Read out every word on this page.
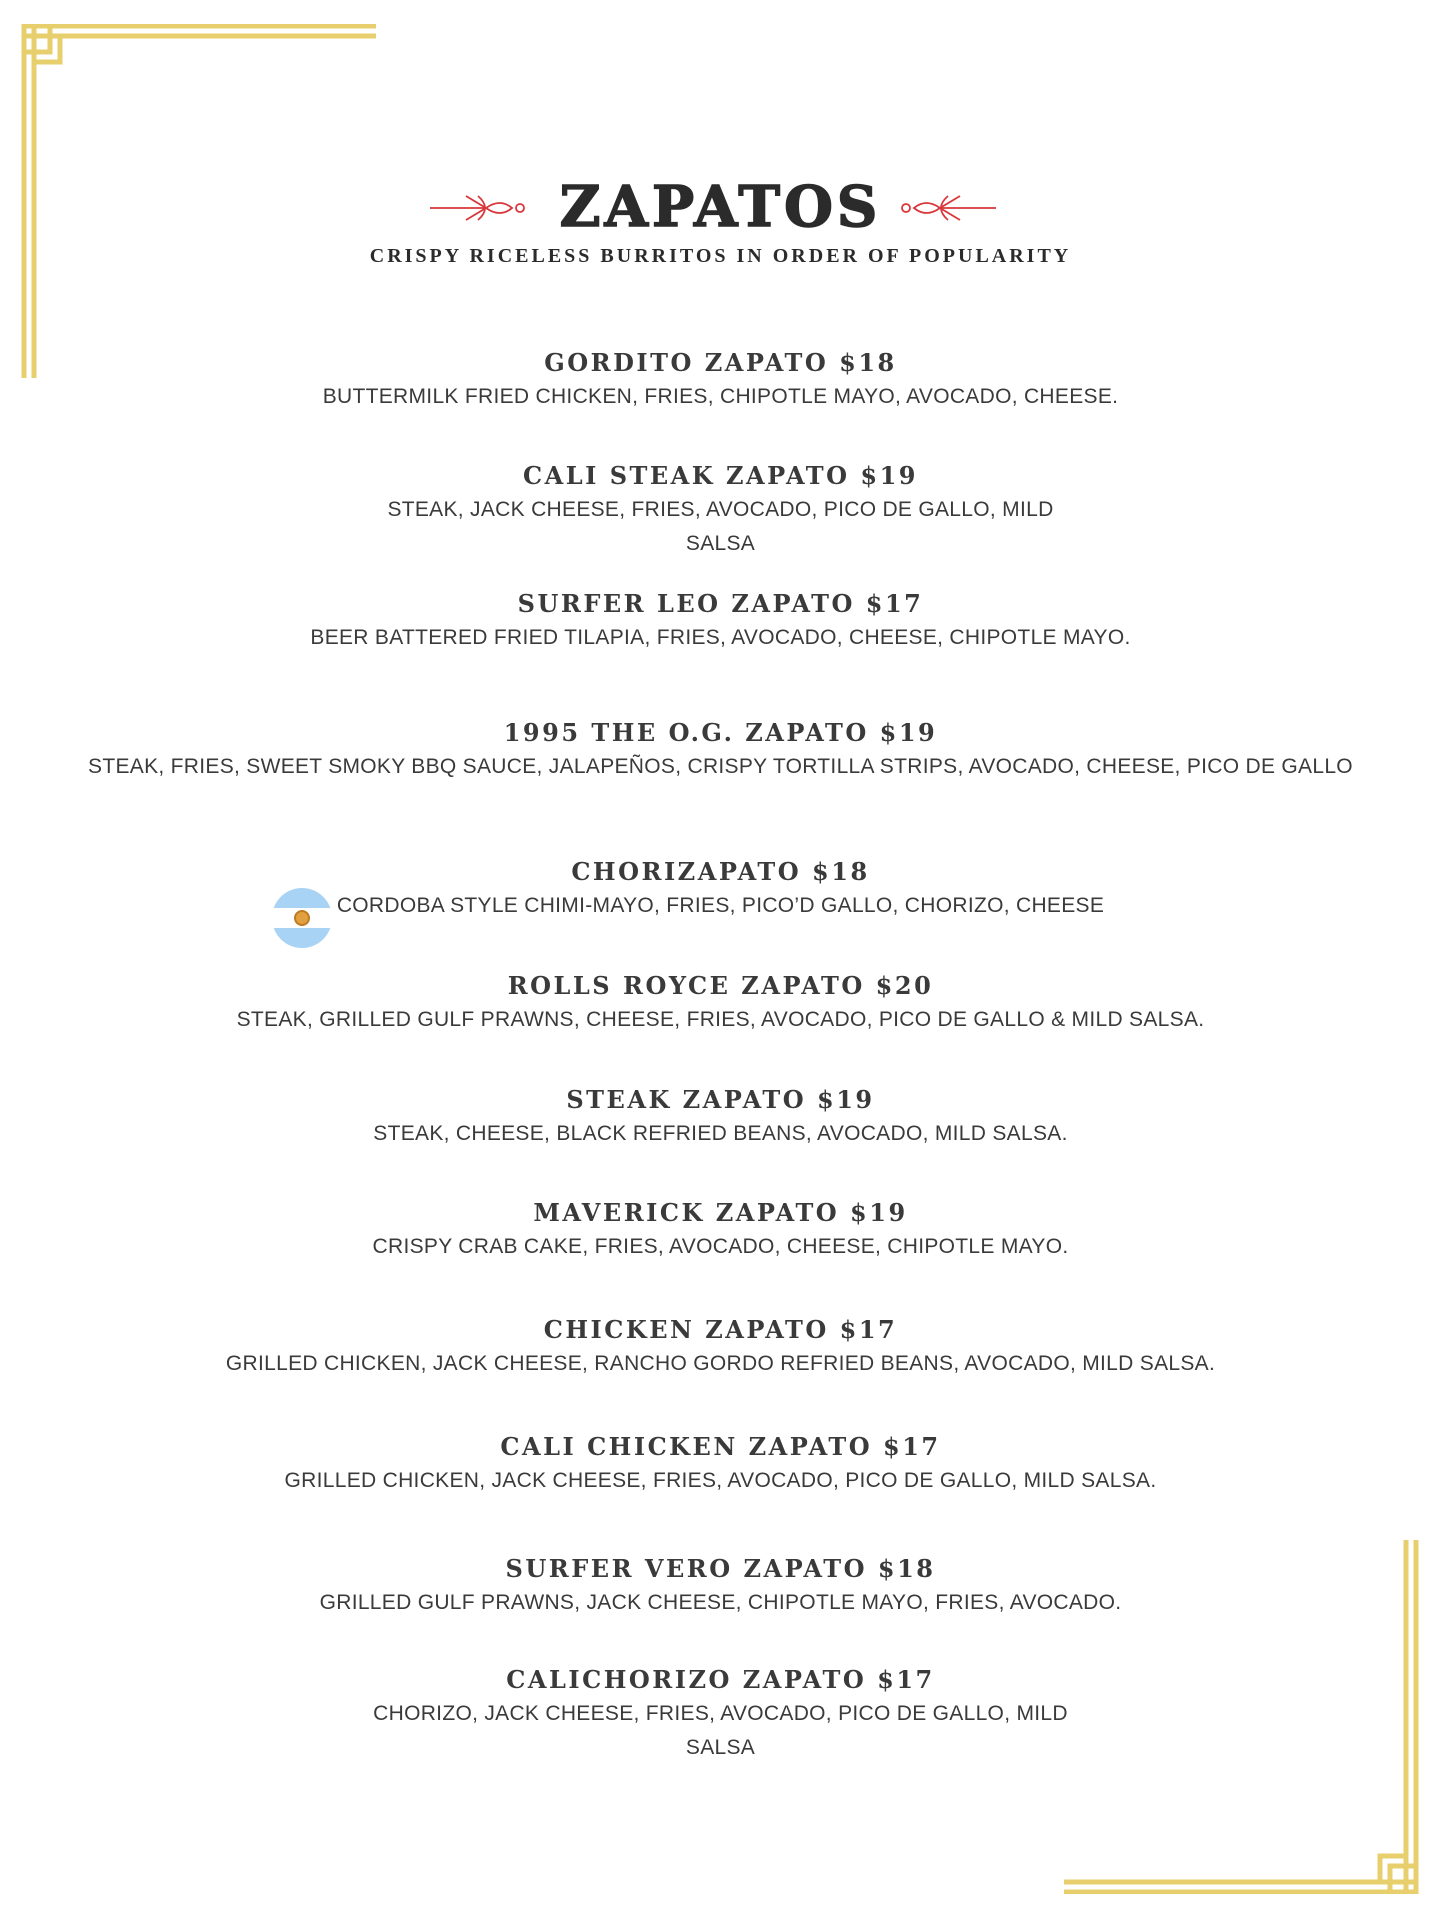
ZAPATOS
CRISPY RICELESS BURRITOS IN ORDER OF POPULARITY
GORDITO ZAPATO $18
BUTTERMILK FRIED CHICKEN, FRIES, CHIPOTLE MAYO, AVOCADO, CHEESE.
CALI STEAK ZAPATO $19
STEAK, JACK CHEESE, FRIES, AVOCADO, PICO DE GALLO, MILD SALSA
SURFER LEO ZAPATO $17
BEER BATTERED FRIED TILAPIA, FRIES, AVOCADO, CHEESE, CHIPOTLE MAYO.
1995 THE O.G. ZAPATO $19
STEAK, FRIES, SWEET SMOKY BBQ SAUCE, JALAPEÑOS, CRISPY TORTILLA STRIPS, AVOCADO, CHEESE, PICO DE GALLO
CHORIZAPATO $18
CORDOBA STYLE CHIMI-MAYO, FRIES, PICO’D GALLO, CHORIZO, CHEESE
ROLLS ROYCE ZAPATO $20
STEAK, GRILLED GULF PRAWNS, CHEESE, FRIES, AVOCADO, PICO DE GALLO & MILD SALSA.
STEAK ZAPATO $19
STEAK, CHEESE, BLACK REFRIED BEANS, AVOCADO, MILD SALSA.
MAVERICK ZAPATO $19
CRISPY CRAB CAKE, FRIES, AVOCADO, CHEESE, CHIPOTLE MAYO.
CHICKEN ZAPATO $17
GRILLED CHICKEN, JACK CHEESE, RANCHO GORDO REFRIED BEANS, AVOCADO, MILD SALSA.
CALI CHICKEN ZAPATO $17
GRILLED CHICKEN, JACK CHEESE, FRIES, AVOCADO, PICO DE GALLO, MILD SALSA.
SURFER VERO ZAPATO $18
GRILLED GULF PRAWNS, JACK CHEESE, CHIPOTLE MAYO, FRIES, AVOCADO.
CALICHORIZO ZAPATO $17
CHORIZO, JACK CHEESE, FRIES, AVOCADO, PICO DE GALLO, MILD SALSA
